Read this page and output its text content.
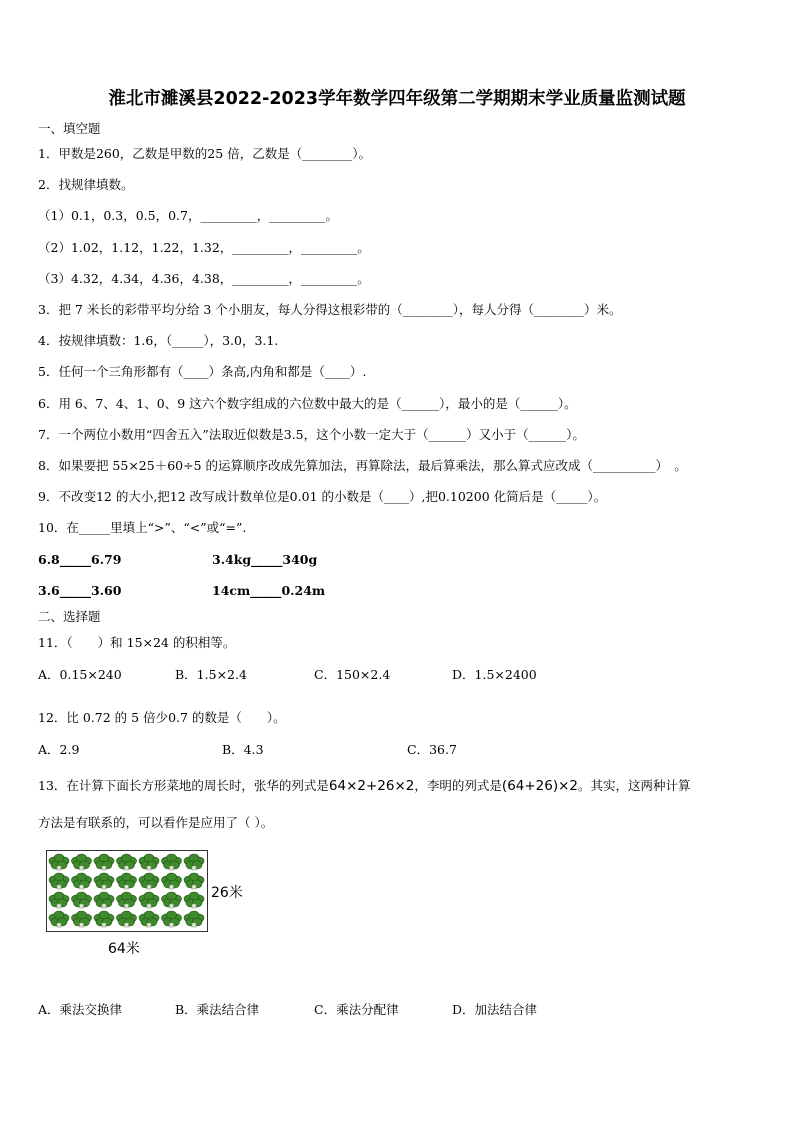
淮北市濉溪县2022-2023学年数学四年级第二学期期末学业质量监测试题
一、填空题
1．甲数是260，乙数是甲数的25 倍，乙数是（________）。
2．找规律填数。
（1）0.1，0.3，0.5，0.7，_________，_________。
（2）1.02，1.12，1.22，1.32，_________，_________。
（3）4.32，4.34，4.36，4.38，_________，_________。
3．把 7 米长的彩带平均分给 3 个小朋友，每人分得这根彩带的（________），每人分得（________）米。
4．按规律填数：1.6，（_____），3.0，3.1.
5．任何一个三角形都有（____）条高,内角和都是（____）.
6．用 6、7、4、1、0、9 这六个数字组成的六位数中最大的是（______），最小的是（______）。
7．一个两位小数用“四舍五入”法取近似数是3.5，这个小数一定大于（______）又小于（______）。
8．如果要把 55×25＋60÷5 的运算顺序改成先算加法，再算除法，最后算乘法，那么算式应改成（__________）　。
9．不改变12 的大小,把12 改写成计数单位是0.01 的小数是（____）,把0.10200 化简后是（_____）。
10．在_____里填上“>”、“<”或“=”.
6.8_____6.79	3.4kg_____340g
3.6_____3.60	14cm_____0.24m
二、选择题
11．（　　）和 15×24 的积相等。
A．0.15×240	B．1.5×2.4	C．150×2.4	D．1.5×2400
12．比 0.72 的 5 倍少0.7 的数是（　　）。
A．2.9	B．4.3	C．36.7
13．在计算下面长方形菜地的周长时，张华的列式是64×2+26×2，李明的列式是(64+26)×2。其实，这两种计算
方法是有联系的，可以看作是应用了（ ）。
26米
64米
A．乘法交换律	B．乘法结合律	C．乘法分配律	D．加法结合律
